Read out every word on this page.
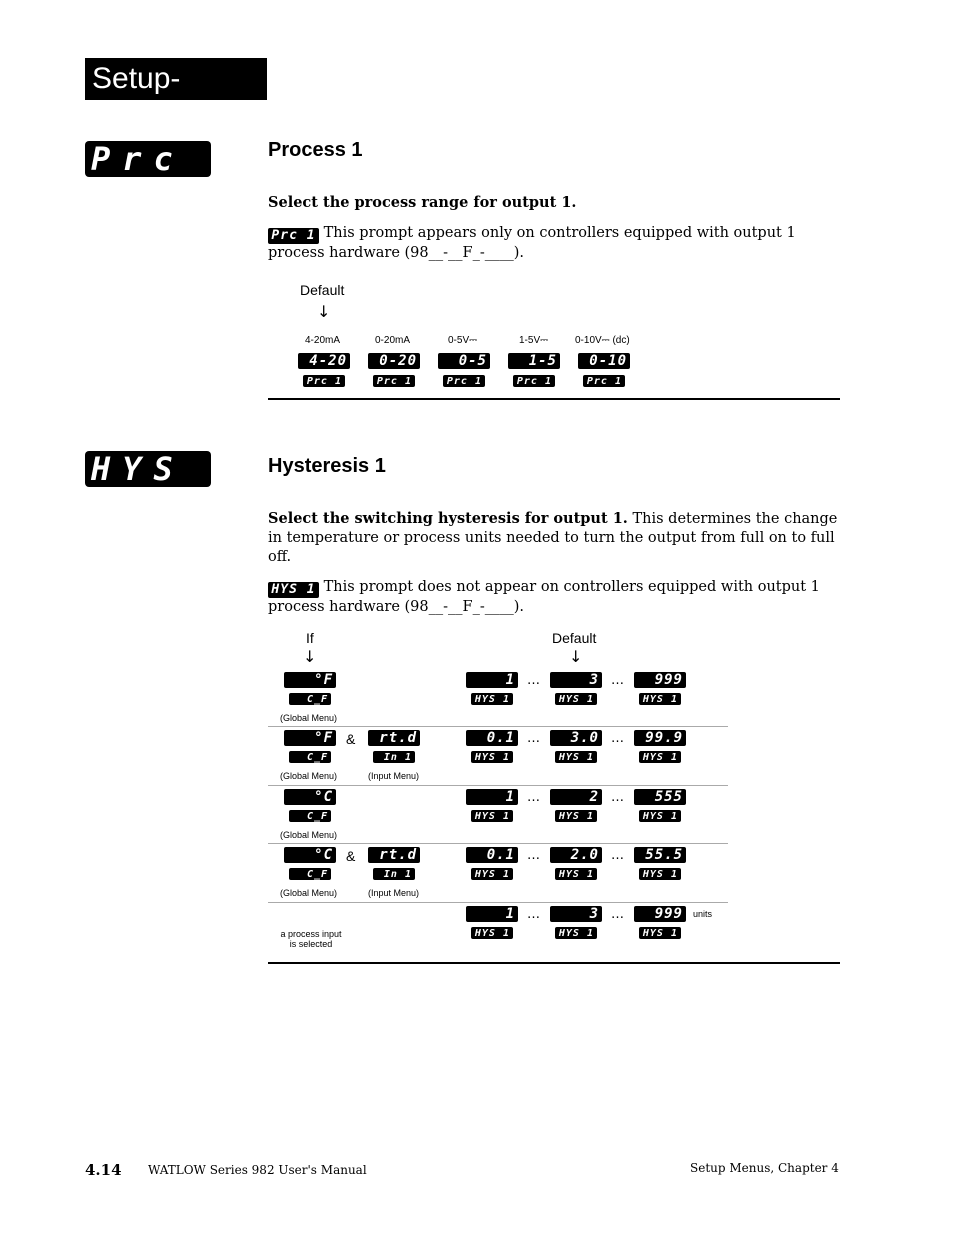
Setup-Output
Prc 1 Process 1
Select the process range for output 1.
Prc 1 This prompt appears only on controllers equipped with output 1 process hardware (98__-__F_-____).
Default
↓
4-20mA
4-20
Prc 1
0-20mA
0-20
Prc 1
0-5V⎓
0-5
Prc 1
1-5V⎓
1-5
Prc 1
0-10V⎓ (dc)
0-10
Prc 1
HYS 1 Hysteresis 1
Select the switching hysteresis for output 1. This determines the change in temperature or process units needed to turn the output from full on to full off.
HYS 1 This prompt does not appear on controllers equipped with output 1 process hardware (98__-__F_-____).
If
↓
Default
↓
°F
C_F
(Global Menu)
1
HYS 1
…	3
HYS 1
…	999
HYS 1
°F
C_F
(Global Menu)
&	rt.d
In 1
(Input Menu)
0.1
HYS 1
…	3.0
HYS 1
…	99.9
HYS 1
°C
C_F
(Global Menu)
1
HYS 1
…	2
HYS 1
…	555
HYS 1
°C
C_F
(Global Menu)
&	rt.d
In 1
(Input Menu)
0.1
HYS 1
…	2.0
HYS 1
…	55.5
HYS 1
a process input
is selected
1
HYS 1
…	3
HYS 1
…	999
HYS 1
units
4.14 WATLOW Series 982 User's Manual	Setup Menus, Chapter 4
